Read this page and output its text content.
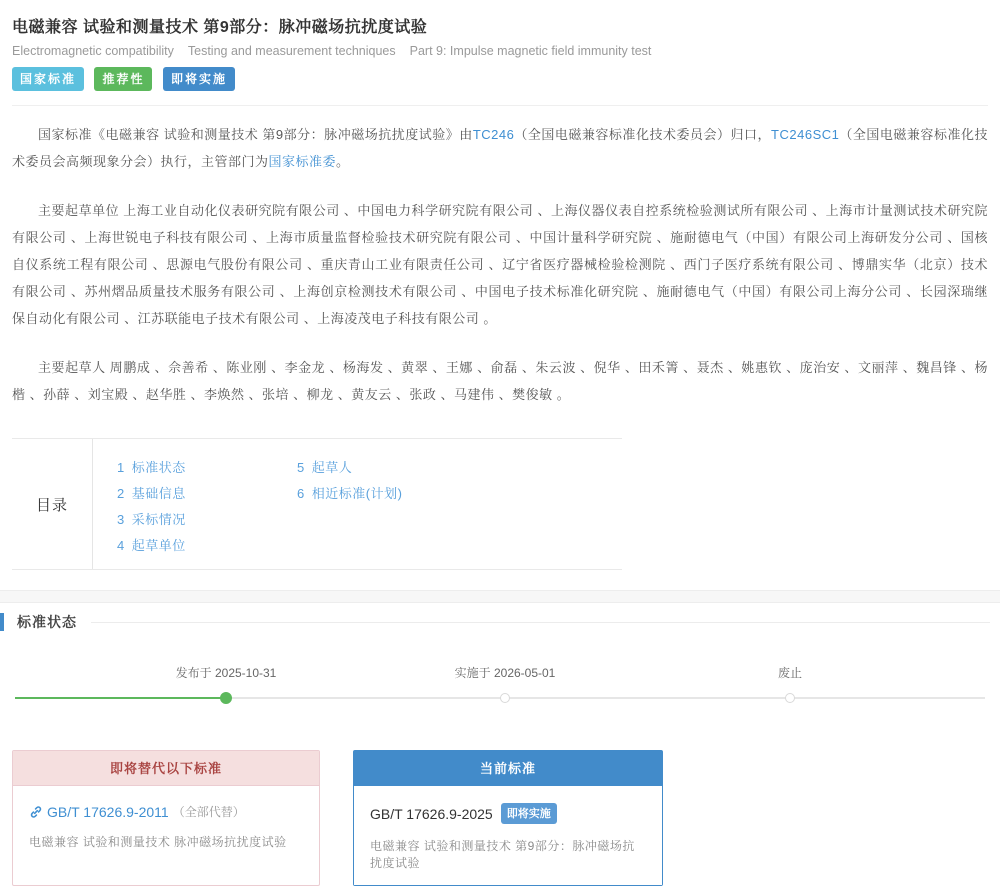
电磁兼容 试验和测量技术 第9部分：脉冲磁场抗扰度试验
Electromagnetic compatibility Testing and measurement techniques Part 9: Impulse magnetic field immunity test
国家标准 推荐性 即将实施

国家标准《电磁兼容 试验和测量技术 第9部分：脉冲磁场抗扰度试验》由TC246（全国电磁兼容标准化技术委员会）归口，TC246SC1（全国电磁兼容标准化技术委员会高频现象分会）执行，主管部门为国家标准委。

主要起草单位 上海工业自动化仪表研究院有限公司 、中国电力科学研究院有限公司 、上海仪器仪表自控系统检验测试所有限公司 、上海市计量测试技术研究院有限公司 、上海世锐电子科技有限公司 、上海市质量监督检验技术研究院有限公司 、中国计量科学研究院 、施耐德电气（中国）有限公司上海研发分公司 、国核自仪系统工程有限公司 、思源电气股份有限公司 、重庆青山工业有限责任公司 、辽宁省医疗器械检验检测院 、西门子医疗系统有限公司 、博鼎实华（北京）技术有限公司 、苏州熠品质量技术服务有限公司 、上海创京检测技术有限公司 、中国电子技术标准化研究院 、施耐德电气（中国）有限公司上海分公司 、长园深瑞继保自动化有限公司 、江苏联能电子技术有限公司 、上海凌茂电子科技有限公司 。

主要起草人 周鹏成 、佘善希 、陈业刚 、李金龙 、杨海发 、黄翠 、王娜 、俞磊 、朱云波 、倪华 、田禾箐 、聂杰 、姚惠钦 、庞治安 、文丽萍 、魏昌锋 、杨楷 、孙薛 、刘宝殿 、赵华胜 、李焕然 、张培 、柳龙 、黄友云 、张政 、马建伟 、樊俊敏 。

目录
1 标准状态
2 基础信息
3 采标情况
4 起草单位
5 起草人
6 相近标准(计划)
标准状态
发布于 2025-10-31	实施于 2026-05-01	废止
即将替代以下标准
GB/T 17626.9-2011 （全部代替）
电磁兼容 试验和测量技术 脉冲磁场抗扰度试验
当前标准
GB/T 17626.9-2025	即将实施
电磁兼容 试验和测量技术 第9部分：脉冲磁场抗扰度试验
